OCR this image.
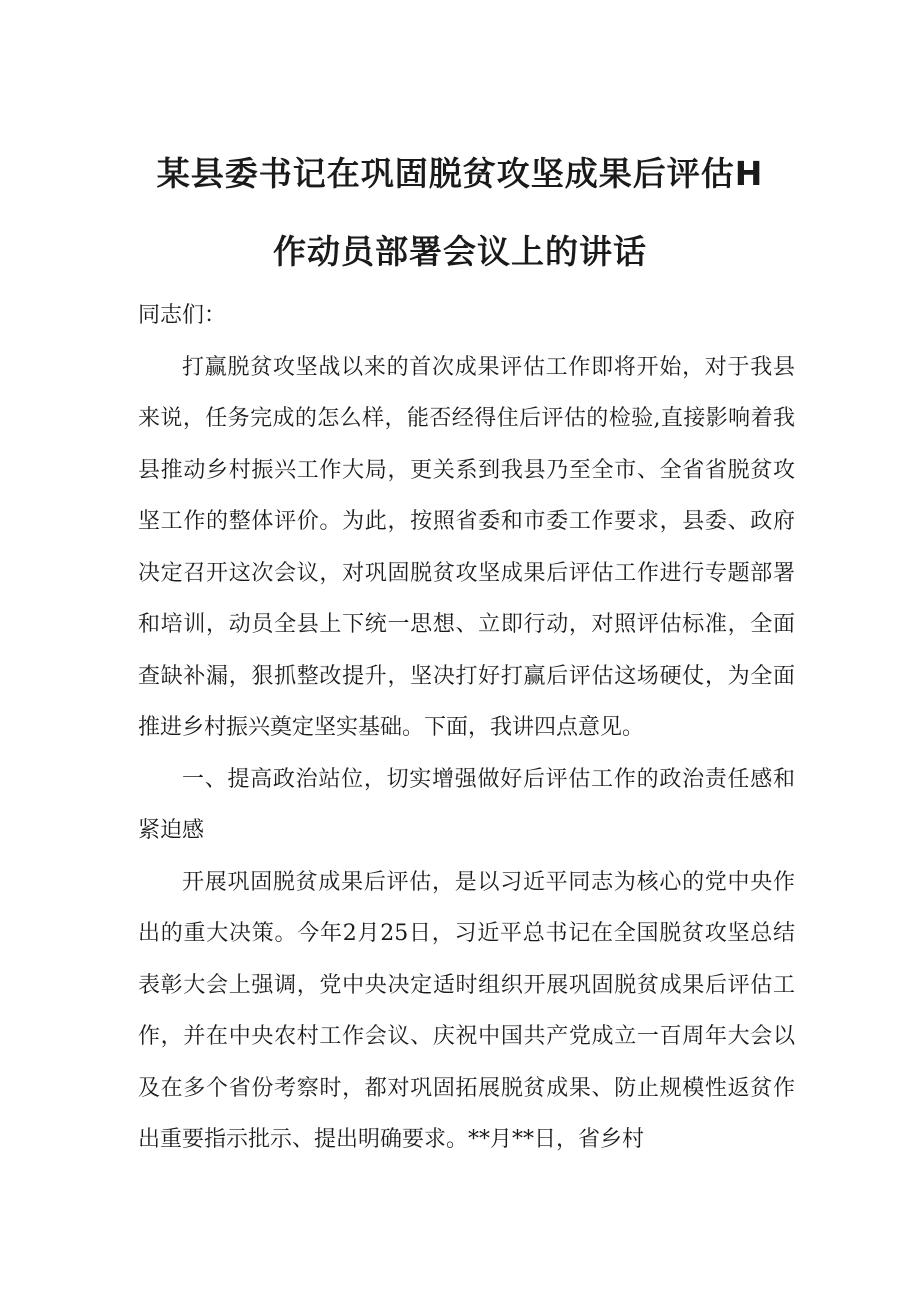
某县委书记在巩固脱贫攻坚成果后评估H
作动员部署会议上的讲话

同志们：

打赢脱贫攻坚战以来的首次成果评估工作即将开始，对于我县来说，任务完成的怎么样，能否经得住后评估的检验,直接影响着我县推动乡村振兴工作大局，更关系到我县乃至全市、全省省脱贫攻坚工作的整体评价。为此，按照省委和市委工作要求，县委、政府决定召开这次会议，对巩固脱贫攻坚成果后评估工作进行专题部署和培训，动员全县上下统一思想、立即行动，对照评估标准，全面查缺补漏，狠抓整改提升，坚决打好打赢后评估这场硬仗，为全面推进乡村振兴奠定坚实基础。下面，我讲四点意见。

一、提高政治站位，切实增强做好后评估工作的政治责任感和紧迫感

开展巩固脱贫成果后评估，是以习近平同志为核心的党中央作出的重大决策。今年2月25日，习近平总书记在全国脱贫攻坚总结表彰大会上强调，党中央决定适时组织开展巩固脱贫成果后评估工作，并在中央农村工作会议、庆祝中国共产党成立一百周年大会以及在多个省份考察时，都对巩固拓展脱贫成果、防止规模性返贫作出重要指示批示、提出明确要求。**月**日，省乡村
